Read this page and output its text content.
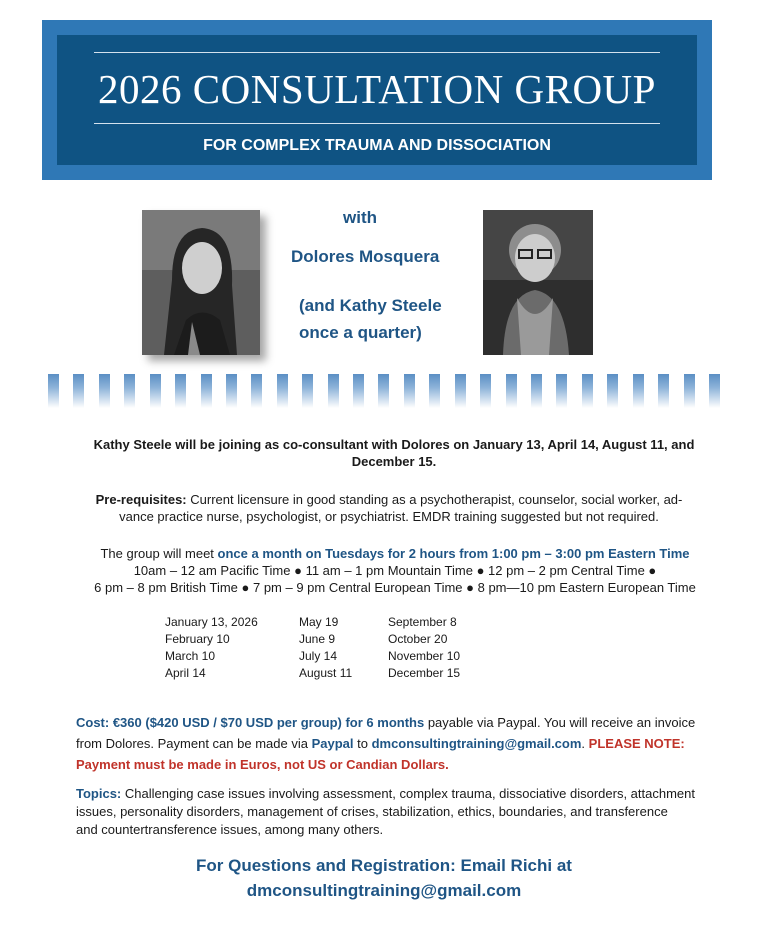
2026 CONSULTATION GROUP
FOR COMPLEX TRAUMA AND DISSOCIATION
with
Dolores Mosquera
(and Kathy Steele
once a quarter)
Kathy Steele will be joining as co-consultant with Dolores on January 13, April 14, August 11, and
December 15.
Pre-requisites: Current licensure in good standing as a psychotherapist, counselor, social worker, ad-
vance practice nurse, psychologist, or psychiatrist. EMDR training suggested but not required.
The group will meet once a month on Tuesdays for 2 hours from 1:00 pm – 3:00 pm Eastern Time
10am – 12 am Pacific Time ● 11 am – 1 pm Mountain Time ● 12 pm – 2 pm Central Time ●
6 pm – 8 pm British Time ● 7 pm – 9 pm Central European Time ● 8 pm—10 pm Eastern European Time
January 13, 2026
February 10
March 10
April 14
May 19
June 9
July 14
August 11
September 8
October 20
November 10
December 15
Cost: €360 ($420 USD / $70 USD per group) for 6 months payable via Paypal. You will receive an invoice
from Dolores. Payment can be made via Paypal to dmconsultingtraining@gmail.com. PLEASE NOTE:
Payment must be made in Euros, not US or Candian Dollars.
Topics: Challenging case issues involving assessment, complex trauma, dissociative disorders, attachment
issues, personality disorders, management of crises, stabilization, ethics, boundaries, and transference
and countertransference issues, among many others.
For Questions and Registration: Email Richi at
dmconsultingtraining@gmail.com
